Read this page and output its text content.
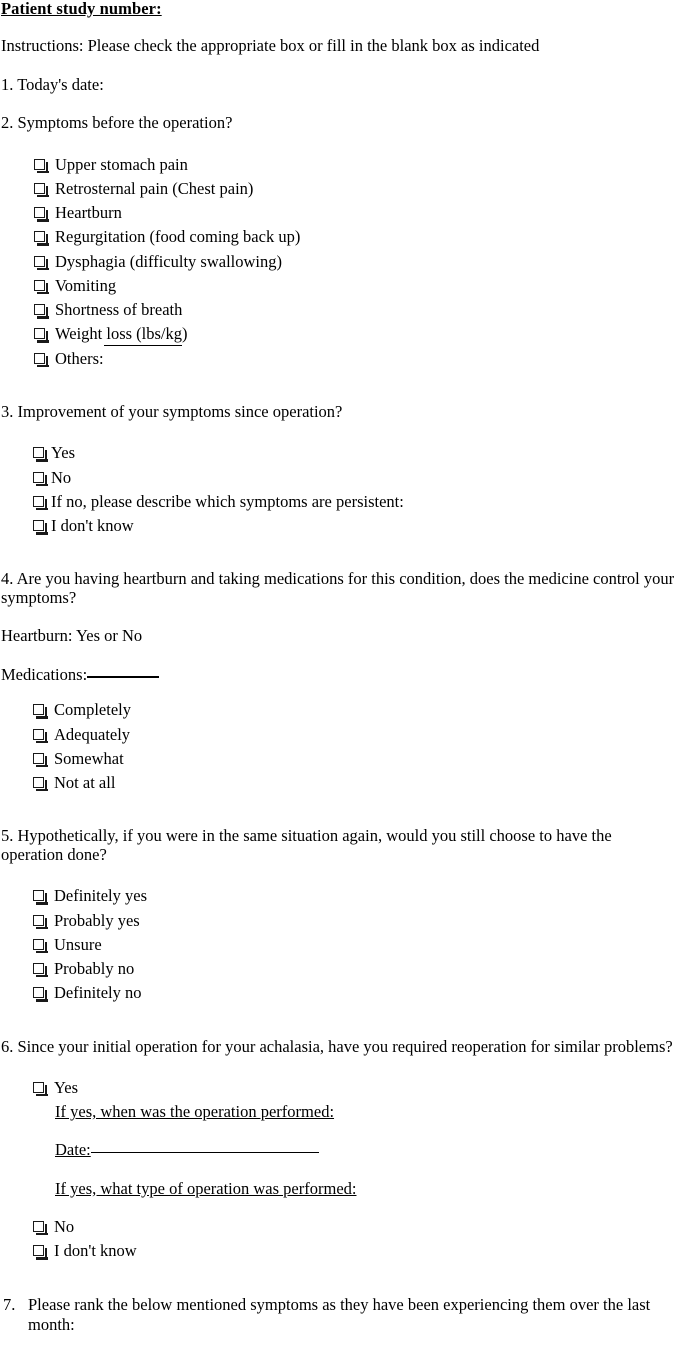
Patient study number:
Instructions: Please check the appropriate box or fill in the blank box as indicated
1. Today's date:
2. Symptoms before the operation?
Upper stomach pain
Retrosternal pain (Chest pain)
Heartburn
Regurgitation (food coming back up)
Dysphagia (difficulty swallowing)
Vomiting
Shortness of breath
Weight loss (lbs/kg)
Others:
3. Improvement of your symptoms since operation?
Yes
No
If no, please describe which symptoms are persistent:
I don't know
4. Are you having heartburn and taking medications for this condition, does the medicine control your symptoms?
Heartburn: Yes or No
Medications:
Completely
Adequately
Somewhat
Not at all
5. Hypothetically, if you were in the same situation again, would you still choose to have the operation done?
Definitely yes
Probably yes
Unsure
Probably no
Definitely no
6. Since your initial operation for your achalasia, have you required reoperation for similar problems?
Yes
If yes, when was the operation performed:
Date:
If yes, what type of operation was performed:
No
I don't know
7. Please rank the below mentioned symptoms as they have been experiencing them over the last month:
